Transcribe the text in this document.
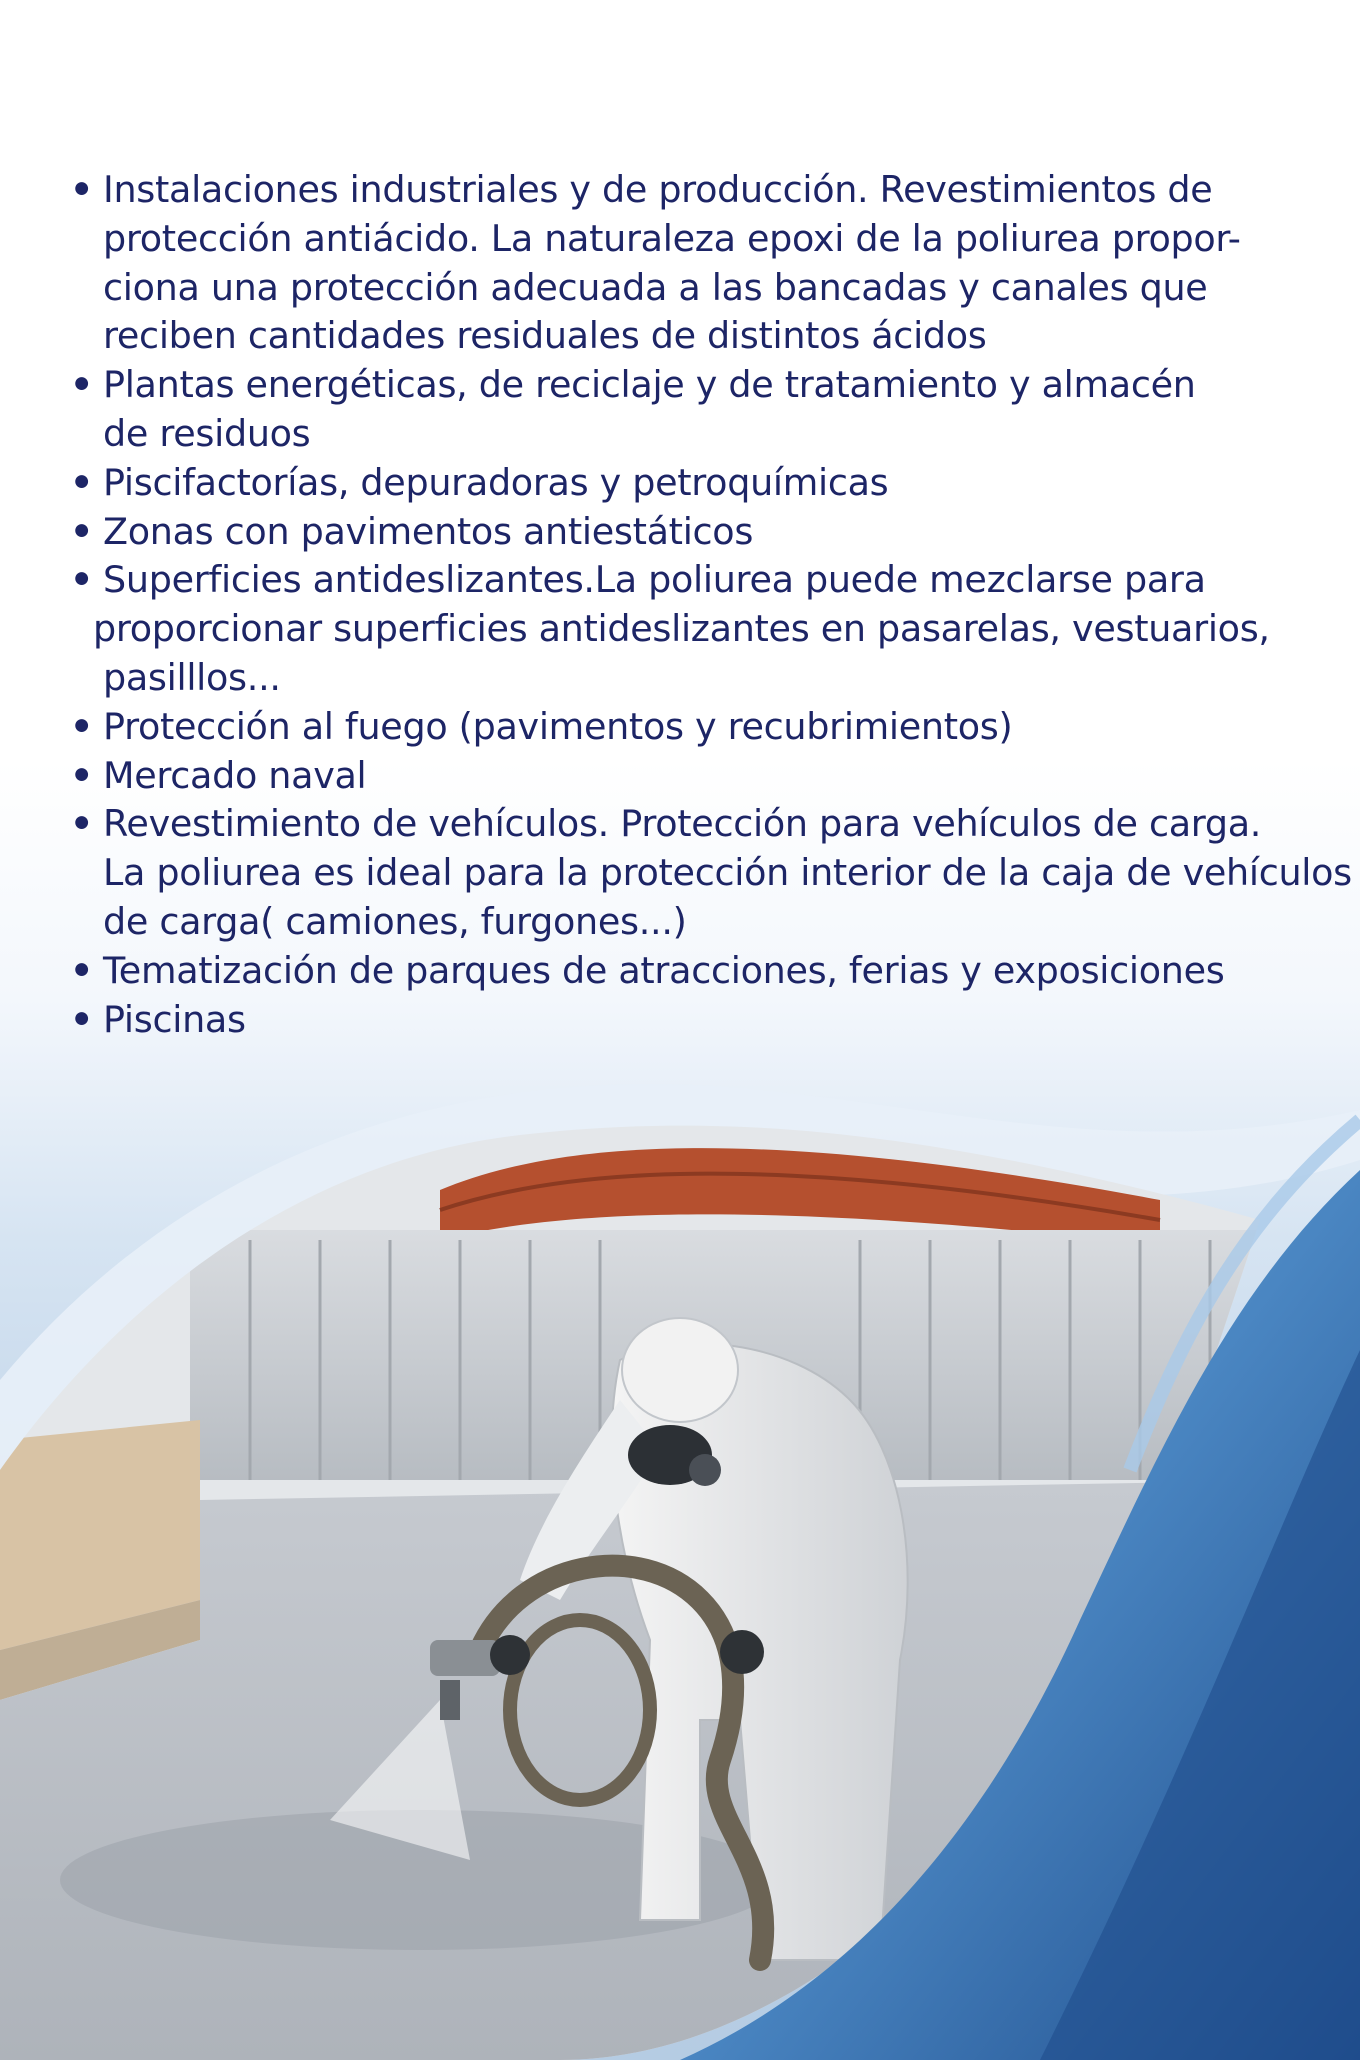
• Instalaciones industriales y de producción. Revestimientos de
protección antiácido. La naturaleza epoxi de la poliurea propor-
ciona una protección adecuada a las bancadas y canales que
reciben cantidades residuales de distintos ácidos
• Plantas energéticas, de reciclaje y de tratamiento y almacén
de residuos
• Piscifactorías, depuradoras y petroquímicas
• Zonas con pavimentos antiestáticos
• Superficies antideslizantes.La poliurea puede mezclarse para
proporcionar superficies antideslizantes en pasarelas, vestuarios,
pasilllos...
• Protección al fuego (pavimentos y recubrimientos)
• Mercado naval
• Revestimiento de vehículos. Protección para vehículos de carga.
La poliurea es ideal para la protección interior de la caja de vehículos
de carga( camiones, furgones...)
• Tematización de parques de atracciones, ferias y exposiciones
• Piscinas
